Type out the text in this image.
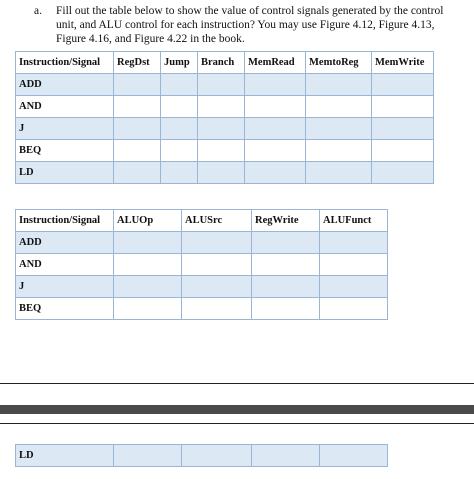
a. Fill out the table below to show the value of control signals generated by the control
unit, and ALU control for each instruction? You may use Figure 4.12, Figure 4.13,
Figure 4.16, and Figure 4.22 in the book.
Instruction/Signal	RegDst	Jump	Branch	MemRead	MemtoReg	MemWrite
ADD						
AND						
J						
BEQ						
LD						
Instruction/Signal	ALUOp	ALUSrc	RegWrite	ALUFunct
ADD				
AND				
J				
BEQ				
LD				
